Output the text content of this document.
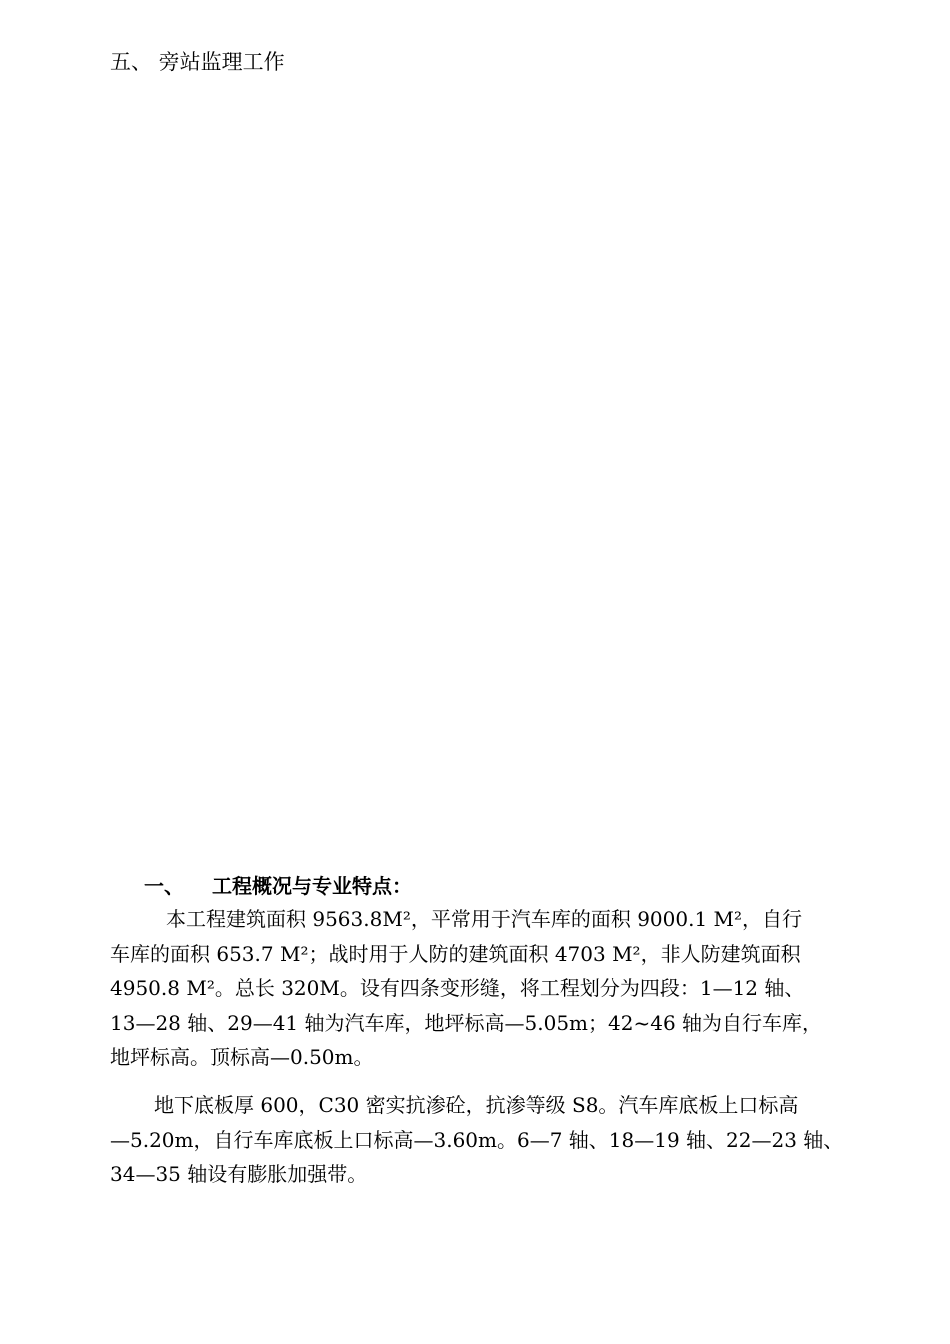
五、 旁站监理工作
一、 工程概况与专业特点：
本工程建筑面积 9563.8M²，平常用于汽车库的面积 9000.1 M²，自行
车库的面积 653.7 M²；战时用于人防的建筑面积 4703 M²，非人防建筑面积
4950.8 M²。总长 320M。设有四条变形缝，将工程划分为四段：1—12 轴、
13—28 轴、29—41 轴为汽车库，地坪标高—5.05m；42~46 轴为自行车库，
地坪标高。顶标高—0.50m。
地下底板厚 600，C30 密实抗渗砼，抗渗等级 S8。汽车库底板上口标高
—5.20m，自行车库底板上口标高—3.60m。6—7 轴、18—19 轴、22—23 轴、
34—35 轴设有膨胀加强带。
